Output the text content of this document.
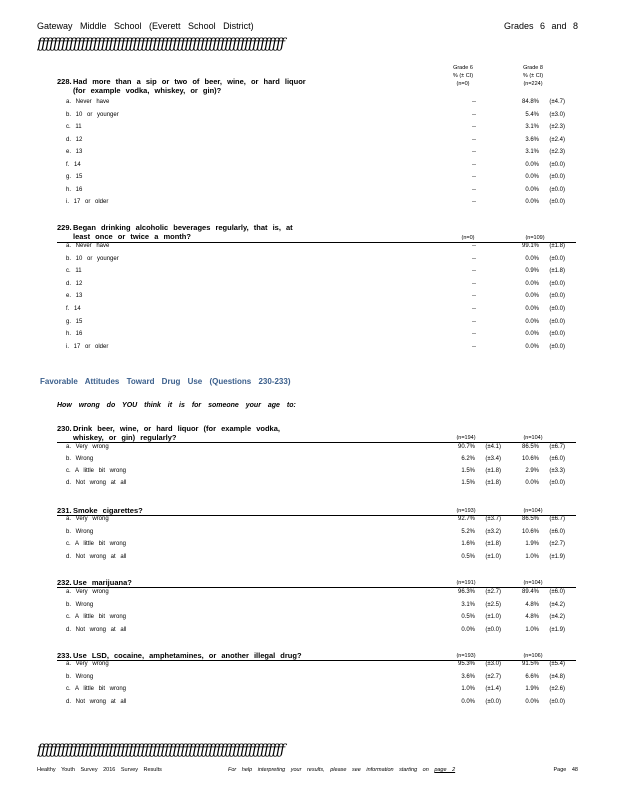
Gateway Middle School (Everett School District)	Grades 6 and 8
ƒƒƒƒƒƒƒƒƒƒƒƒƒƒƒƒƒƒƒƒƒƒƒƒƒƒƒƒƒƒƒƒƒƒƒƒƒƒƒƒƒƒƒƒƒƒƒƒƒƒƒƒƒƒƒƒƒƒƒƒƒƒ
Grade 6
% (± CI)
(n=0)
Grade 8
% (± CI)
(n=224)
228.Had more than a sip or two of beer, wine, or hard liquor
(for example vodka, whiskey, or gin)?
a. Never have	--	84.8%	(±4.7)
b. 10 or younger	--	5.4%	(±3.0)
c. 11	--	3.1%	(±2.3)
d. 12	--	3.6%	(±2.4)
e. 13	--	3.1%	(±2.3)
f. 14	--	0.0%	(±0.0)
g. 15	--	0.0%	(±0.0)
h. 16	--	0.0%	(±0.0)
i. 17 or older	--	0.0%	(±0.0)
229.Began drinking alcoholic beverages regularly, that is, at
least once or twice a month?	(n=0)	(n=109)
a. Never have	--	99.1%	(±1.8)
b. 10 or younger	--	0.0%	(±0.0)
c. 11	--	0.9%	(±1.8)
d. 12	--	0.0%	(±0.0)
e. 13	--	0.0%	(±0.0)
f. 14	--	0.0%	(±0.0)
g. 15	--	0.0%	(±0.0)
h. 16	--	0.0%	(±0.0)
i. 17 or older	--	0.0%	(±0.0)
Favorable Attitudes Toward Drug Use (Questions 230-233)
How wrong do YOU think it is for someone your age to:
230.Drink beer, wine, or hard liquor (for example vodka,
whiskey, or gin) regularly?	(n=194)	(n=104)
a. Very wrong	90.7%	(±4.1)	86.5%	(±6.7)
b. Wrong	6.2%	(±3.4)	10.6%	(±6.0)
c. A little bit wrong	1.5%	(±1.8)	2.9%	(±3.3)
d. Not wrong at all	1.5%	(±1.8)	0.0%	(±0.0)
231.Smoke cigarettes?	(n=193)	(n=104)
a. Very wrong	92.7%	(±3.7)	86.5%	(±6.7)
b. Wrong	5.2%	(±3.2)	10.6%	(±6.0)
c. A little bit wrong	1.6%	(±1.8)	1.9%	(±2.7)
d. Not wrong at all	0.5%	(±1.0)	1.0%	(±1.9)
232.Use marijuana?	(n=191)	(n=104)
a. Very wrong	96.3%	(±2.7)	89.4%	(±6.0)
b. Wrong	3.1%	(±2.5)	4.8%	(±4.2)
c. A little bit wrong	0.5%	(±1.0)	4.8%	(±4.2)
d. Not wrong at all	0.0%	(±0.0)	1.0%	(±1.9)
233.Use LSD, cocaine, amphetamines, or another illegal drug?	(n=193)	(n=106)
a. Very wrong	95.3%	(±3.0)	91.5%	(±5.4)
b. Wrong	3.6%	(±2.7)	6.6%	(±4.8)
c. A little bit wrong	1.0%	(±1.4)	1.9%	(±2.6)
d. Not wrong at all	0.0%	(±0.0)	0.0%	(±0.0)
ƒƒƒƒƒƒƒƒƒƒƒƒƒƒƒƒƒƒƒƒƒƒƒƒƒƒƒƒƒƒƒƒƒƒƒƒƒƒƒƒƒƒƒƒƒƒƒƒƒƒƒƒƒƒƒƒƒƒƒƒƒƒ
Healthy Youth Survey 2016 Survey Results	For help interpreting your results, please see information starting on page 2	Page 48
